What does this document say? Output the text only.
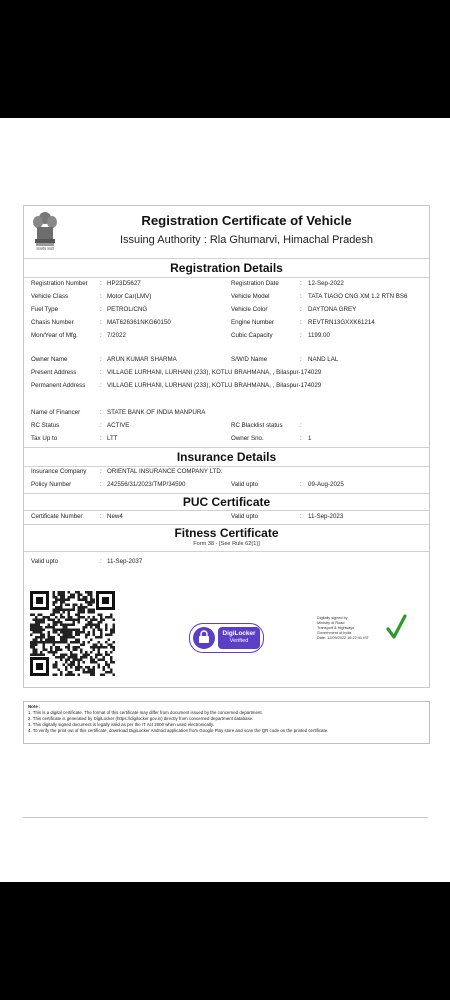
सत्यमेव जयते
Registration Certificate of Vehicle
Issuing Authority : Rla Ghumarvi, Himachal Pradesh
Registration Details
Registration Number : HP23D5627	Registration Date	: 12-Sep-2022
Vehicle Class	: Motor Car(LMV)	Vehicle Model	: TATA TIAGO CNG XM 1.2 RTN BS6
Fuel Type	: PETROL/CNG	Vehicle Color	: DAYTONA GREY
Chasis Number	: MAT626361NKG60150	Engine Number	: REVTRN13GXXK61214
Mon/Year of Mfg.	: 7/2022	Cubic Capacity	: 1199.00
Owner Name	: ARUN KUMAR SHARMA	S/W/D Name	: NAND LAL
Present Address	: VILLAGE LURHANI, LURHANI (233), KOTLU BRAHMANA, , Bilaspur-174029
Permanent Address : VILLAGE LURHANI, LURHANI (233), KOTLU BRAHMANA, , Bilaspur-174029
Name of Financer	: STATE BANK OF INDIA MANPURA
RC Status	: ACTIVE	RC Blacklist status	:
Tax Up to	: LTT	Owner Sno.	: 1
Insurance Details
Insurance Company : ORIENTAL INSURANCE COMPANY LTD.
Policy Number	: 242556/31/2023/TMP/34590	Valid upto	: 09-Aug-2025
PUC Certificate
Certificate Number	: New4	Valid upto	: 11-Sep-2023
Fitness Certificate
Form 38 - [See Rule 62(1)]
Valid upto	: 11-Sep-2037
DigiLocker
Verified
Digitally signed by
Ministry of Road
Transport & Highways
Government of India
Date: 12/09/2022 16:22:41 IST
Note :
1. This is a digital certificate. The format of this certificate may differ from document issued by the concerned department.
2. This certificate is generated by DigiLocker (https://digilocker.gov.in) directly from concerned department database.
3. This digitally signed document is legally valid as per the IT Act 2000 when used electronically.
4. To verify the print out of this certificate, download DigiLocker Android application from Google Play store and scan the QR code on the printed certificate.
